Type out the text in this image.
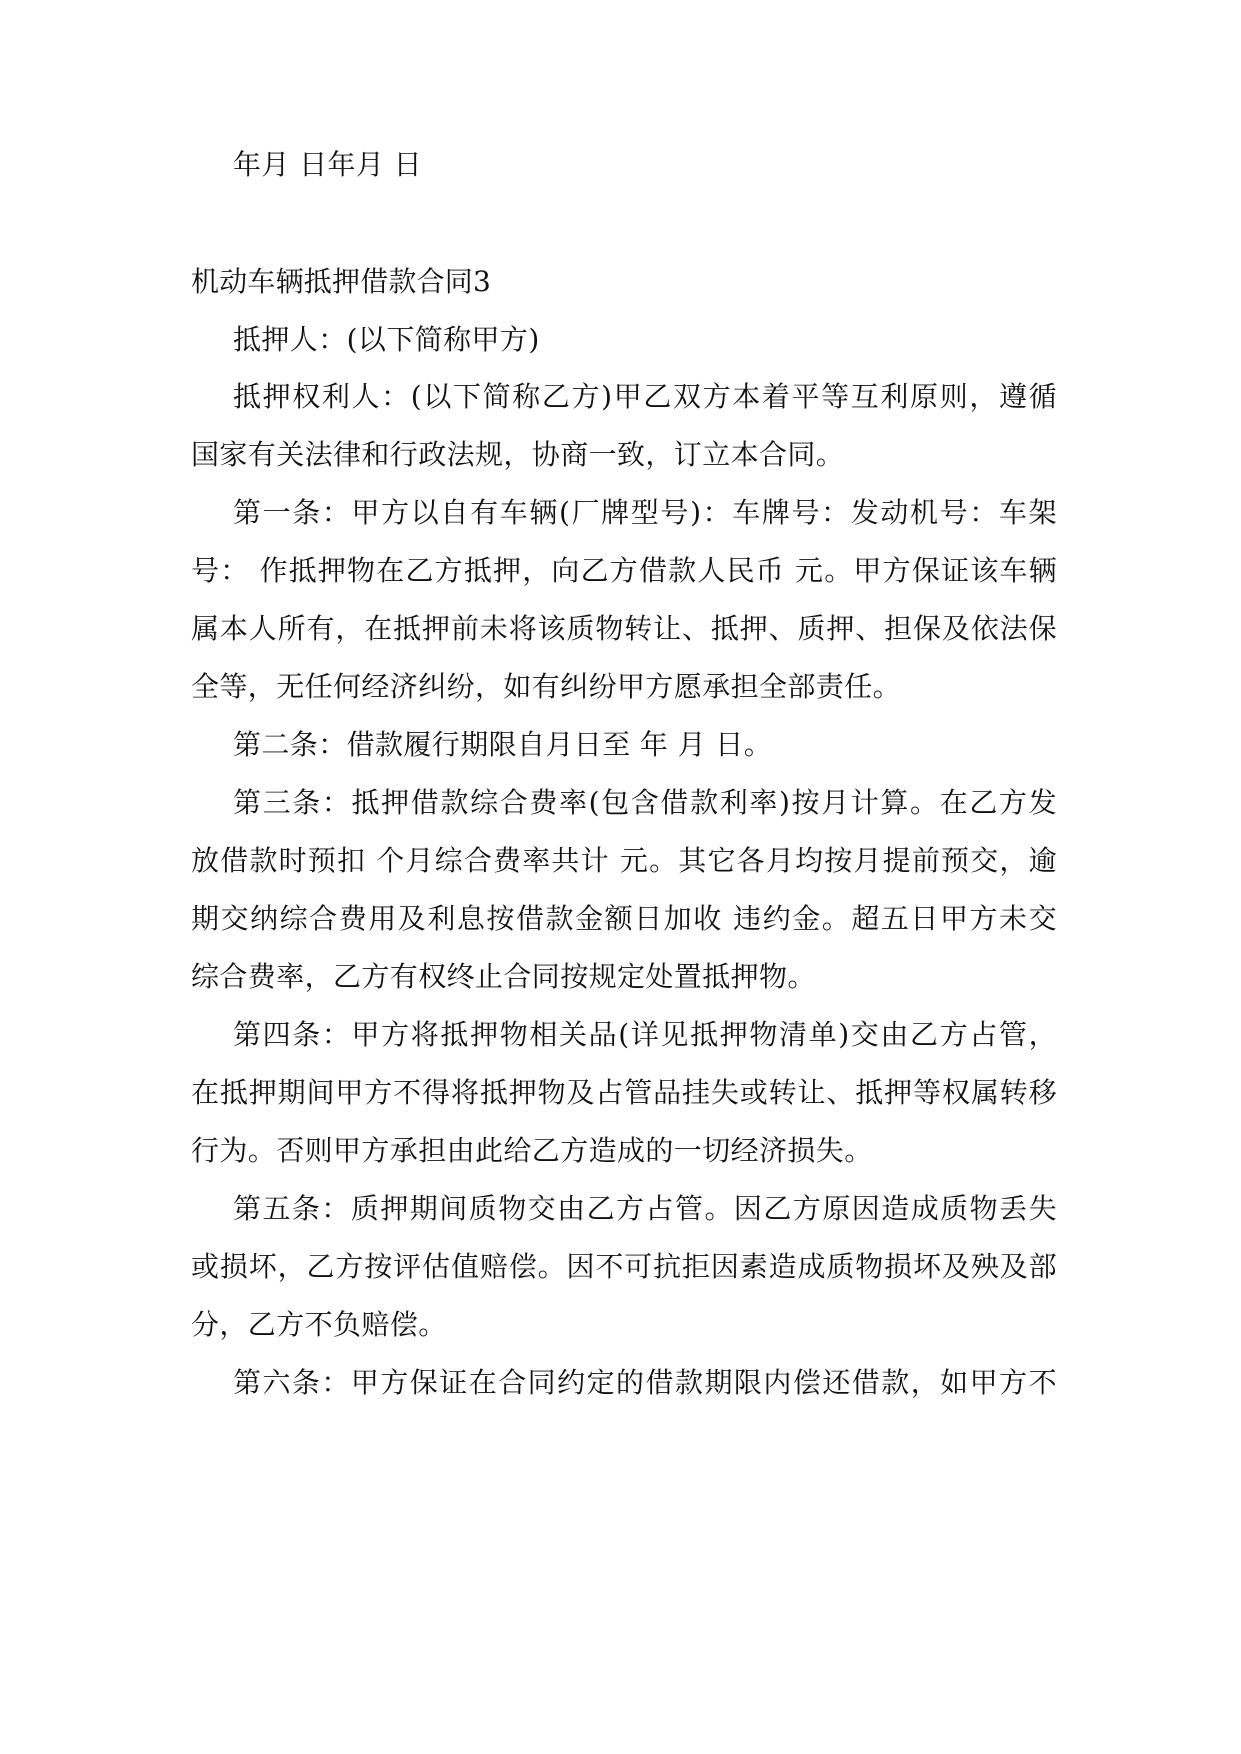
年月 日年月 日
机动车辆抵押借款合同3
抵押人：(以下简称甲方)
抵押权利人：(以下简称乙方)甲乙双方本着平等互利原则，遵循
国家有关法律和行政法规，协商一致，订立本合同。
第一条：甲方以自有车辆(厂牌型号)：车牌号：发动机号：车架
号： 作抵押物在乙方抵押，向乙方借款人民币 元。甲方保证该车辆
属本人所有，在抵押前未将该质物转让、抵押、质押、担保及依法保
全等，无任何经济纠纷，如有纠纷甲方愿承担全部责任。
第二条：借款履行期限自月日至 年 月 日。
第三条：抵押借款综合费率(包含借款利率)按月计算。在乙方发
放借款时预扣 个月综合费率共计 元。其它各月均按月提前预交，逾
期交纳综合费用及利息按借款金额日加收 违约金。超五日甲方未交
综合费率，乙方有权终止合同按规定处置抵押物。
第四条：甲方将抵押物相关品(详见抵押物清单)交由乙方占管，
在抵押期间甲方不得将抵押物及占管品挂失或转让、抵押等权属转移
行为。否则甲方承担由此给乙方造成的一切经济损失。
第五条：质押期间质物交由乙方占管。因乙方原因造成质物丢失
或损坏，乙方按评估值赔偿。因不可抗拒因素造成质物损坏及殃及部
分，乙方不负赔偿。
第六条：甲方保证在合同约定的借款期限内偿还借款，如甲方不
